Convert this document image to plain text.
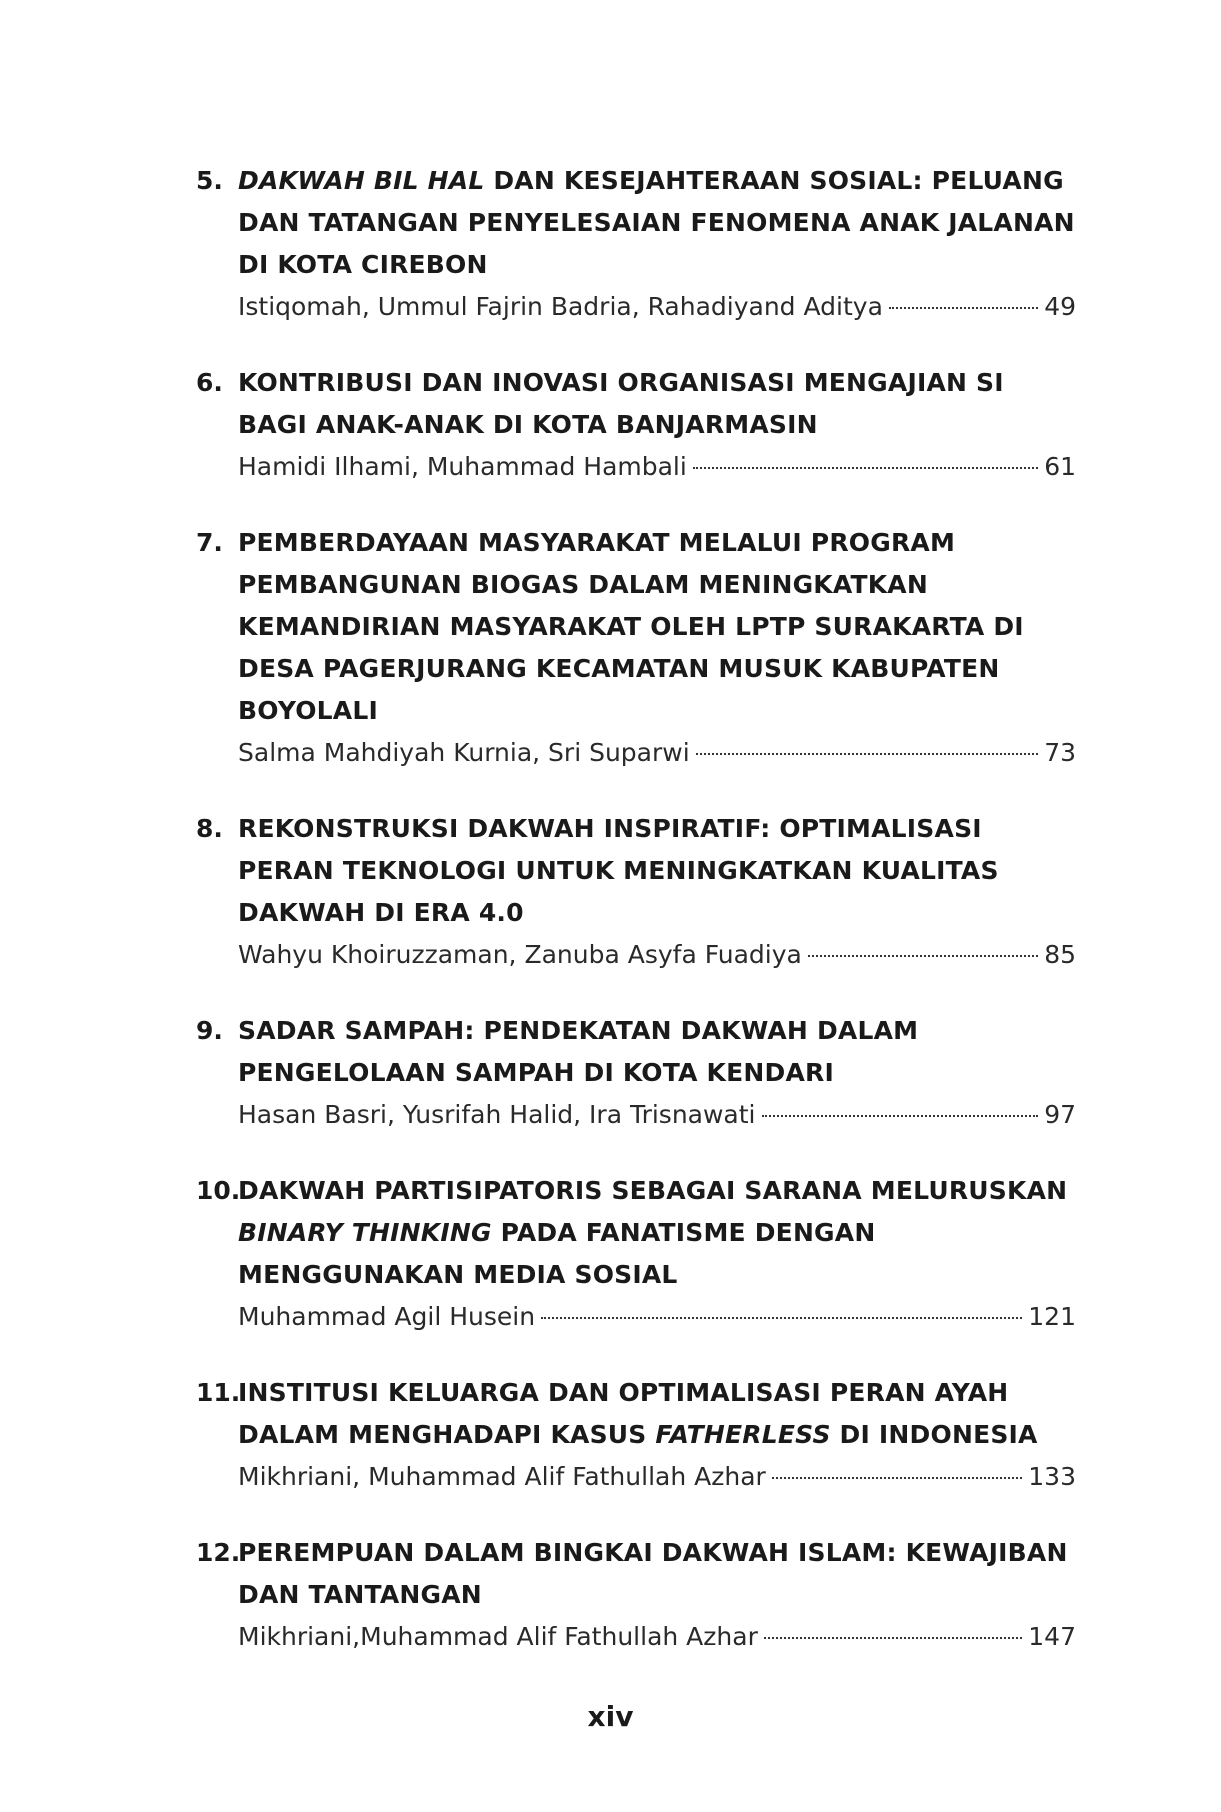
5. DAKWAH BIL HAL DAN KESEJAHTERAAN SOSIAL: PELUANG DAN TATANGAN PENYELESAIAN FENOMENA ANAK JALANAN DI KOTA CIREBON
Istiqomah, Ummul Fajrin Badria, Rahadiyand Aditya	49
6. KONTRIBUSI DAN INOVASI ORGANISASI MENGAJIAN SI BAGI ANAK-ANAK DI KOTA BANJARMASIN
Hamidi Ilhami, Muhammad Hambali	61
7. PEMBERDAYAAN MASYARAKAT MELALUI PROGRAM PEMBANGUNAN BIOGAS DALAM MENINGKATKAN KEMANDIRIAN MASYARAKAT OLEH LPTP SURAKARTA DI DESA PAGERJURANG KECAMATAN MUSUK KABUPATEN BOYOLALI
Salma Mahdiyah Kurnia, Sri Suparwi	73
8. REKONSTRUKSI DAKWAH INSPIRATIF: OPTIMALISASI PERAN TEKNOLOGI UNTUK MENINGKATKAN KUALITAS DAKWAH DI ERA 4.0
Wahyu Khoiruzzaman, Zanuba Asyfa Fuadiya	85
9. SADAR SAMPAH: PENDEKATAN DAKWAH DALAM PENGELOLAAN SAMPAH DI KOTA KENDARI
Hasan Basri, Yusrifah Halid, Ira Trisnawati	97
10.
DAKWAH PARTISIPATORIS SEBAGAI SARANA MELURUSKAN BINARY THINKING PADA FANATISME DENGAN MENGGUNAKAN MEDIA SOSIAL
Muhammad Agil Husein	121
11.
INSTITUSI KELUARGA DAN OPTIMALISASI PERAN AYAH DALAM MENGHADAPI KASUS FATHERLESS DI INDONESIA
Mikhriani, Muhammad Alif Fathullah Azhar	133
12.
PEREMPUAN DALAM BINGKAI DAKWAH ISLAM: KEWAJIBAN DAN TANTANGAN
Mikhriani,Muhammad Alif Fathullah Azhar	147
xiv
